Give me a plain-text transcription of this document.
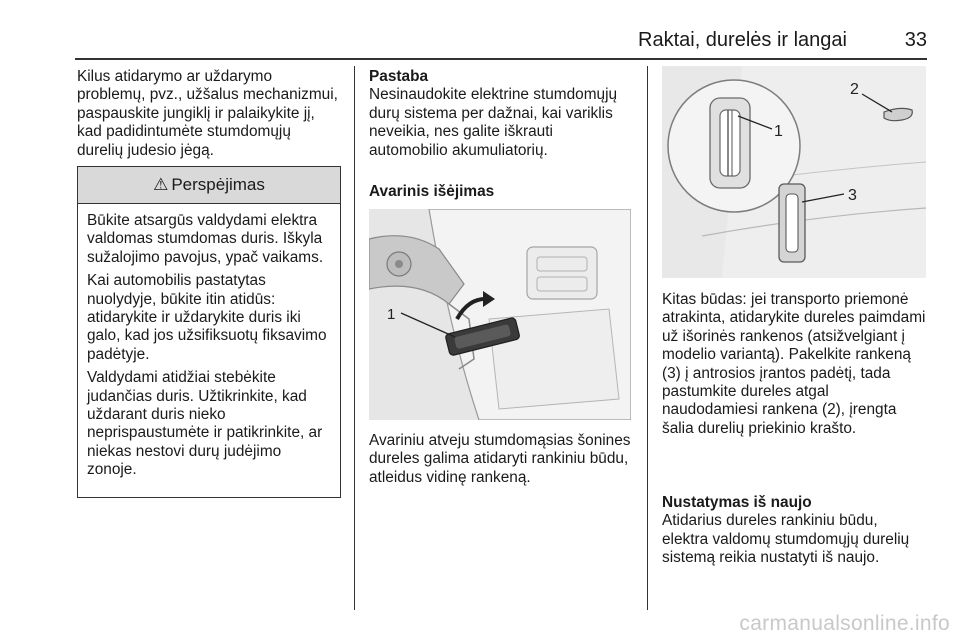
Raktai, durelės ir langai	33
Kilus atidarymo ar uždarymo problemų, pvz., užšalus mechanizmui, paspauskite jungiklį ir palaikykite jį, kad padidintumėte stumdomųjų durelių judesio jėgą.
⚠ Perspėjimas

Būkite atsargūs valdydami elektra valdomas stumdomas duris. Iškyla sužalojimo pavojus, ypač vaikams.

Kai automobilis pastatytas nuolydyje, būkite itin atidūs: atidarykite ir uždarykite duris iki galo, kad jos užsifiksuotų fiksavimo padėtyje.

Valdydami atidžiai stebėkite judančias duris. Užtikrinkite, kad uždarant duris nieko neprispaustumėte ir patikrinkite, ar niekas nestovi durų judėjimo zonoje.

Pastaba
Nesinaudokite elektrine stumdomųjų durų sistema per dažnai, kai variklis neveikia, nes galite iškrauti automobilio akumuliatorių.
Avarinis išėjimas
1
Avariniu atveju stumdomąsias šonines dureles galima atidaryti rankiniu būdu, atleidus vidinę rankeną.
1
2
3
Kitas būdas: jei transporto priemonė atrakinta, atidarykite dureles paimdami už išorinės rankenos (atsižvelgiant į modelio variantą). Pakelkite rankeną (3) į antrosios įrantos padėtį, tada pastumkite dureles atgal naudodamiesi rankena (2), įrengta šalia durelių priekinio krašto.
Nustatymas iš naujo
Atidarius dureles rankiniu būdu, elektra valdomų stumdomųjų durelių sistemą reikia nustatyti iš naujo.
carmanualsonline.info
